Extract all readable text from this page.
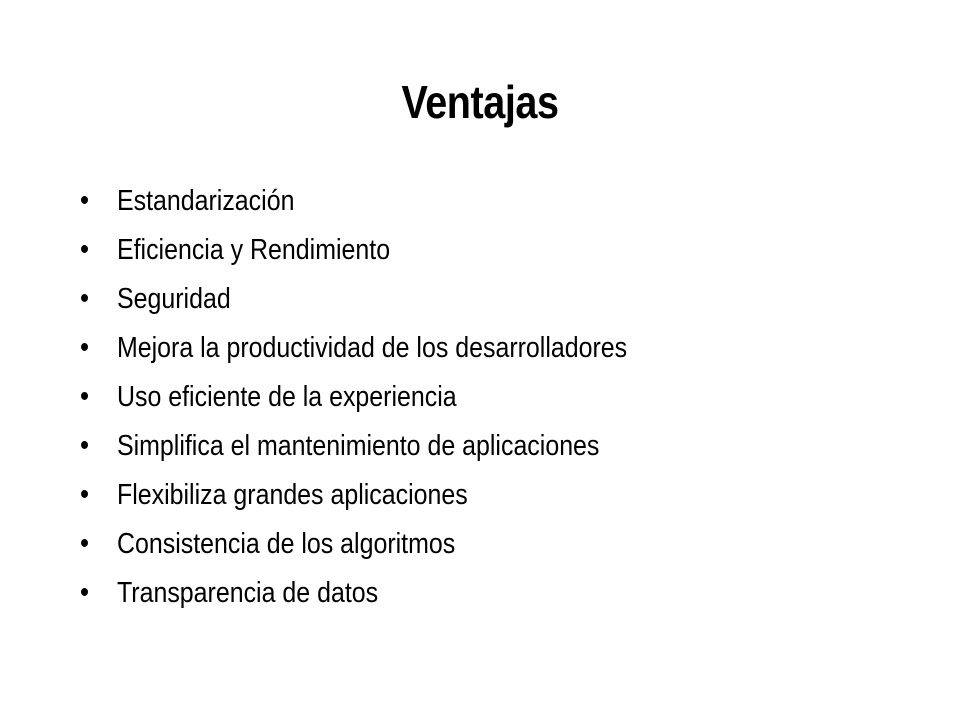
Ventajas
• Estandarización
• Eficiencia y Rendimiento
• Seguridad
• Mejora la productividad de los desarrolladores
• Uso eficiente de la experiencia
• Simplifica el mantenimiento de aplicaciones
• Flexibiliza grandes aplicaciones
• Consistencia de los algoritmos
• Transparencia de datos
